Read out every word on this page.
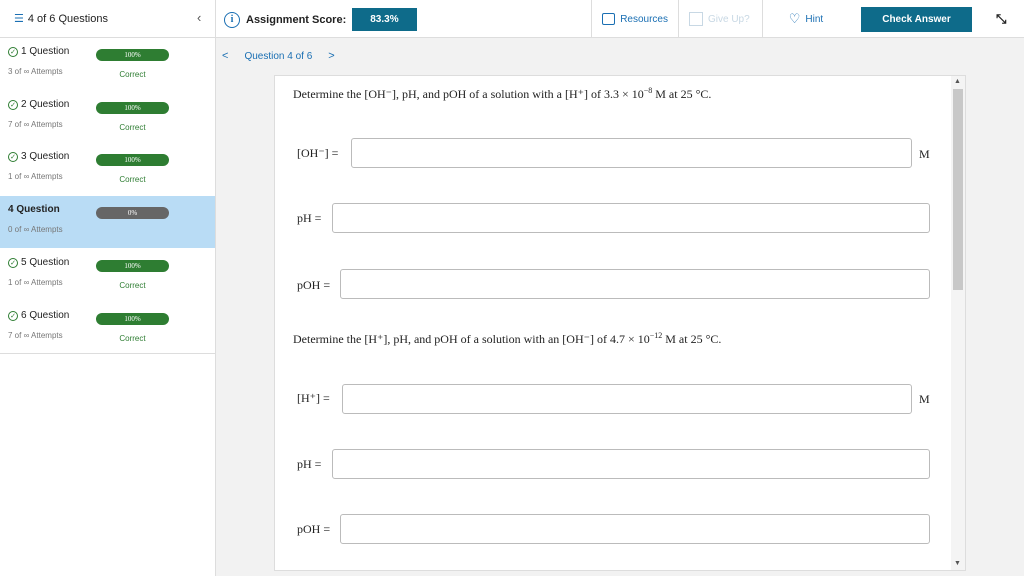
☰ 4 of 6 Questions	‹	i	Assignment Score:	83.3%	Resources	Give Up?	♡ Hint	Check Answer	⤡
✓ 1 Question
3 of ∞ Attempts
100%
Correct
✓ 2 Question
7 of ∞ Attempts
100%
Correct
✓ 3 Question
1 of ∞ Attempts
100%
Correct
4 Question
0 of ∞ Attempts
0%
✓ 5 Question
1 of ∞ Attempts
100%
Correct
✓ 6 Question
7 of ∞ Attempts
100%
Correct
< Question 4 of 6 >
Determine the [OH⁻], pH, and pOH of a solution with a [H⁺] of $3.3 \times 10^{-8}$ M at 25 °C.
[OH⁻] =	M
pH =
pOH =
Determine the [H⁺], pH, and pOH of a solution with an [OH⁻] of $4.7 \times 10^{-12}$ M at 25 °C.
[H⁺] =	M
pH =
pOH =
▲
▼
